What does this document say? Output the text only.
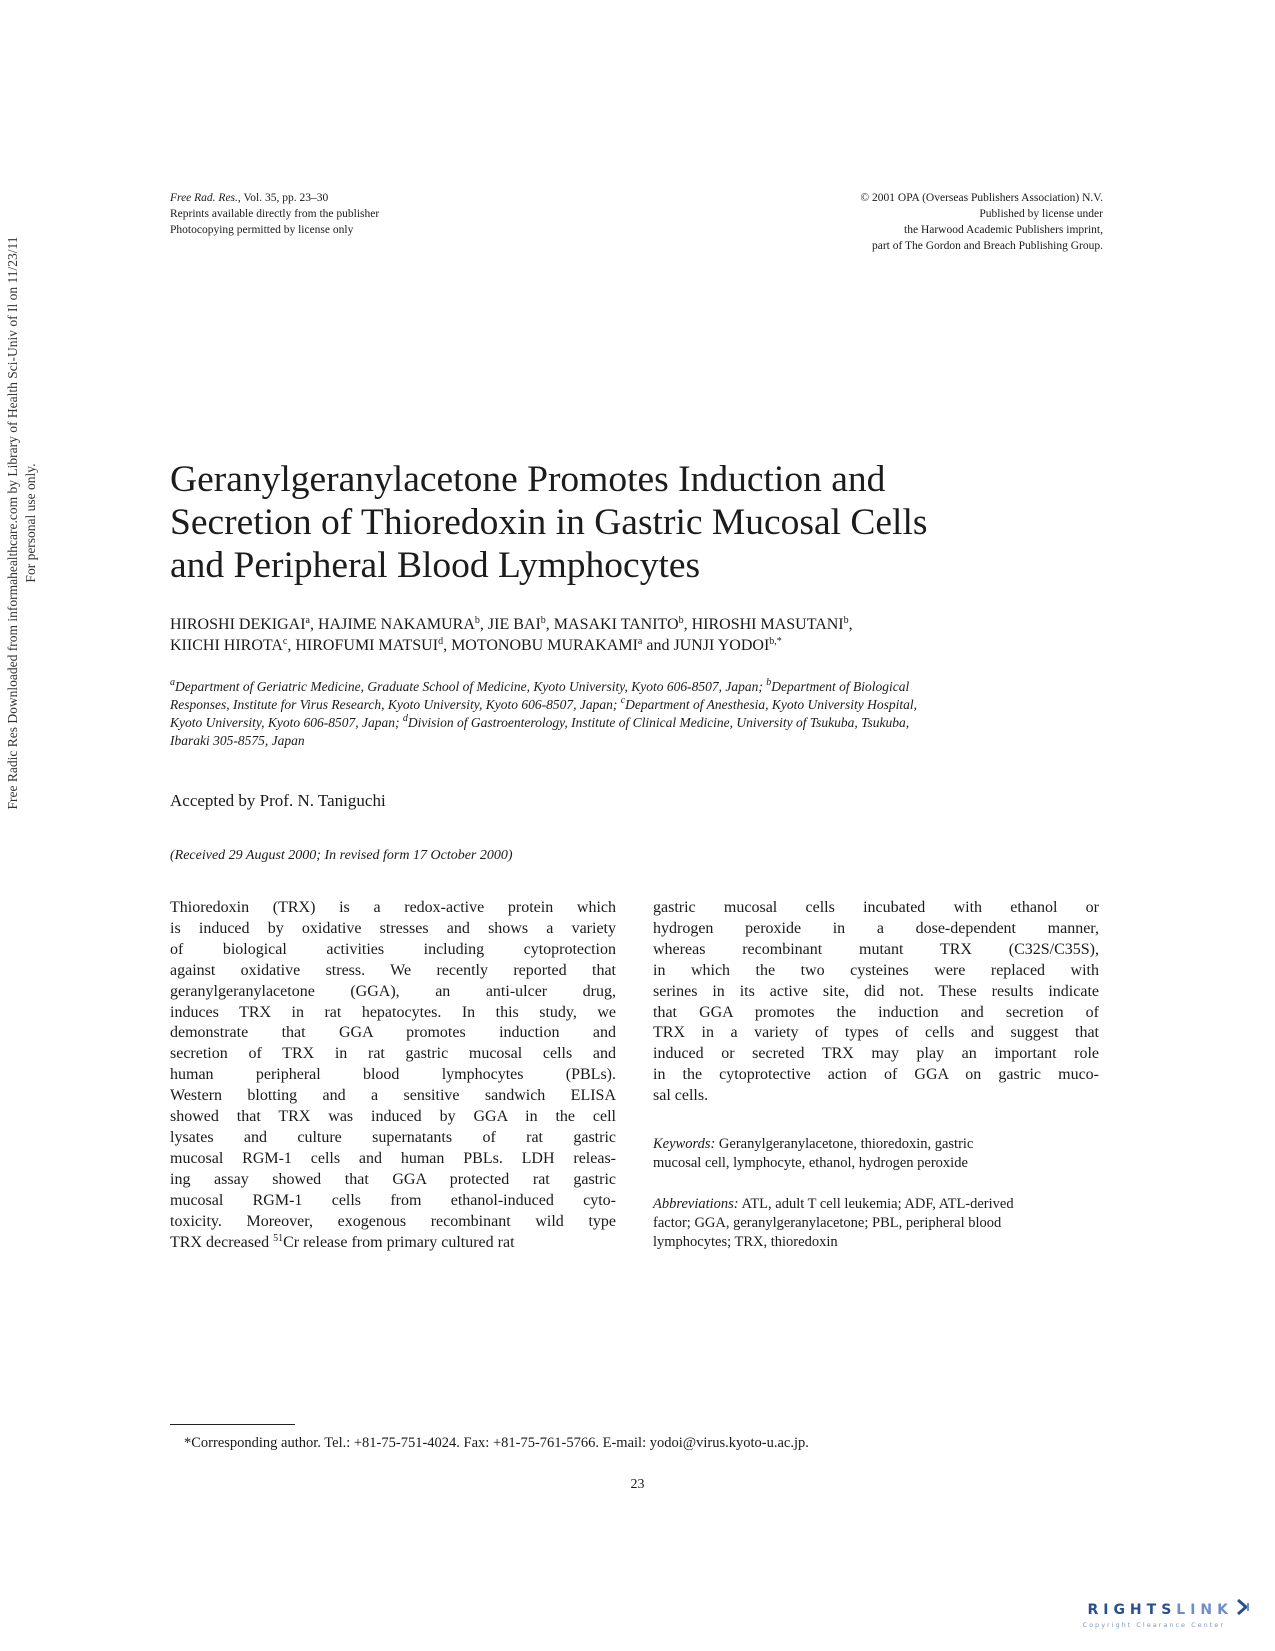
Free Rad. Res., Vol. 35, pp. 23–30
Reprints available directly from the publisher
Photocopying permitted by license only
© 2001 OPA (Overseas Publishers Association) N.V.
Published by license under
the Harwood Academic Publishers imprint,
part of The Gordon and Breach Publishing Group.
Free Radic Res Downloaded from informahealthcare.com by Library of Health Sci-Univ of Il on 11/23/11 For personal use only.	Geranylgeranylacetone Promotes Induction and
Secretion of Thioredoxin in Gastric Mucosal Cells
and Peripheral Blood Lymphocytes
HIROSHI DEKIGAI$^a$, HAJIME NAKAMURA$^b$, JIE BAI$^b$, MASAKI TANITO$^b$, HIROSHI MASUTANI$^b$,
KIICHI HIROTA$^c$, HIROFUMI MATSUI$^d$, MOTONOBU MURAKAMI$^a$ and JUNJI $YODOI^{b,*}$
$^a$Department of Geriatric Medicine, Graduate School of Medicine, Kyoto University, Kyoto 606-8507, Japan; $^b$Department of Biological
Responses, Institute for Virus Research, Kyoto University, Kyoto 606-8507, Japan; $^c$Department of Anesthesia, Kyoto University Hospital,
Kyoto University, Kyoto 606-8507, Japan; $^d$Division of Gastroenterology, Institute of Clinical Medicine, University of Tsukuba, Tsukuba,
Ibaraki 305-8575, Japan
Accepted by Prof. N. Taniguchi
(Received 29 August 2000; In revised form 17 October 2000)
Thioredoxin (TRX) is a redox-active protein which
is induced by oxidative stresses and shows a variety
of biological activities including cytoprotection
against oxidative stress. We recently reported that
geranylgeranylacetone (GGA), an anti-ulcer drug,
induces TRX in rat hepatocytes. In this study, we
demonstrate that GGA promotes induction and
secretion of TRX in rat gastric mucosal cells and
human peripheral blood lymphocytes (PBLs).
Western blotting and a sensitive sandwich ELISA
showed that TRX was induced by GGA in the cell
lysates and culture supernatants of rat gastric
mucosal RGM-1 cells and human PBLs. LDH releas-
ing assay showed that GGA protected rat gastric
mucosal RGM-1 cells from ethanol-induced cyto-
toxicity. Moreover, exogenous recombinant wild type
TRX decreased $^{51}$Cr release from primary cultured rat
gastric mucosal cells incubated with ethanol or
hydrogen peroxide in a dose-dependent manner,
whereas recombinant mutant TRX (C32S/C35S),
in which the two cysteines were replaced with
serines in its active site, did not. These results indicate
that GGA promotes the induction and secretion of
TRX in a variety of types of cells and suggest that
induced or secreted TRX may play an important role
in the cytoprotective action of GGA on gastric muco-
sal cells.
Keywords: Geranylgeranylacetone, thioredoxin, gastric
mucosal cell, lymphocyte, ethanol, hydrogen peroxide
Abbreviations: ATL, adult T cell leukemia; ADF, ATL-derived
factor; GGA, geranylgeranylacetone; PBL, peripheral blood
lymphocytes; TRX, thioredoxin
*Corresponding author. Tel.: +81-75-751-4024. Fax: +81-75-761-5766. E-mail: yodoi@virus.kyoto-u.ac.jp.
23
RIGHTS LINK
Copyright Clearance Center
